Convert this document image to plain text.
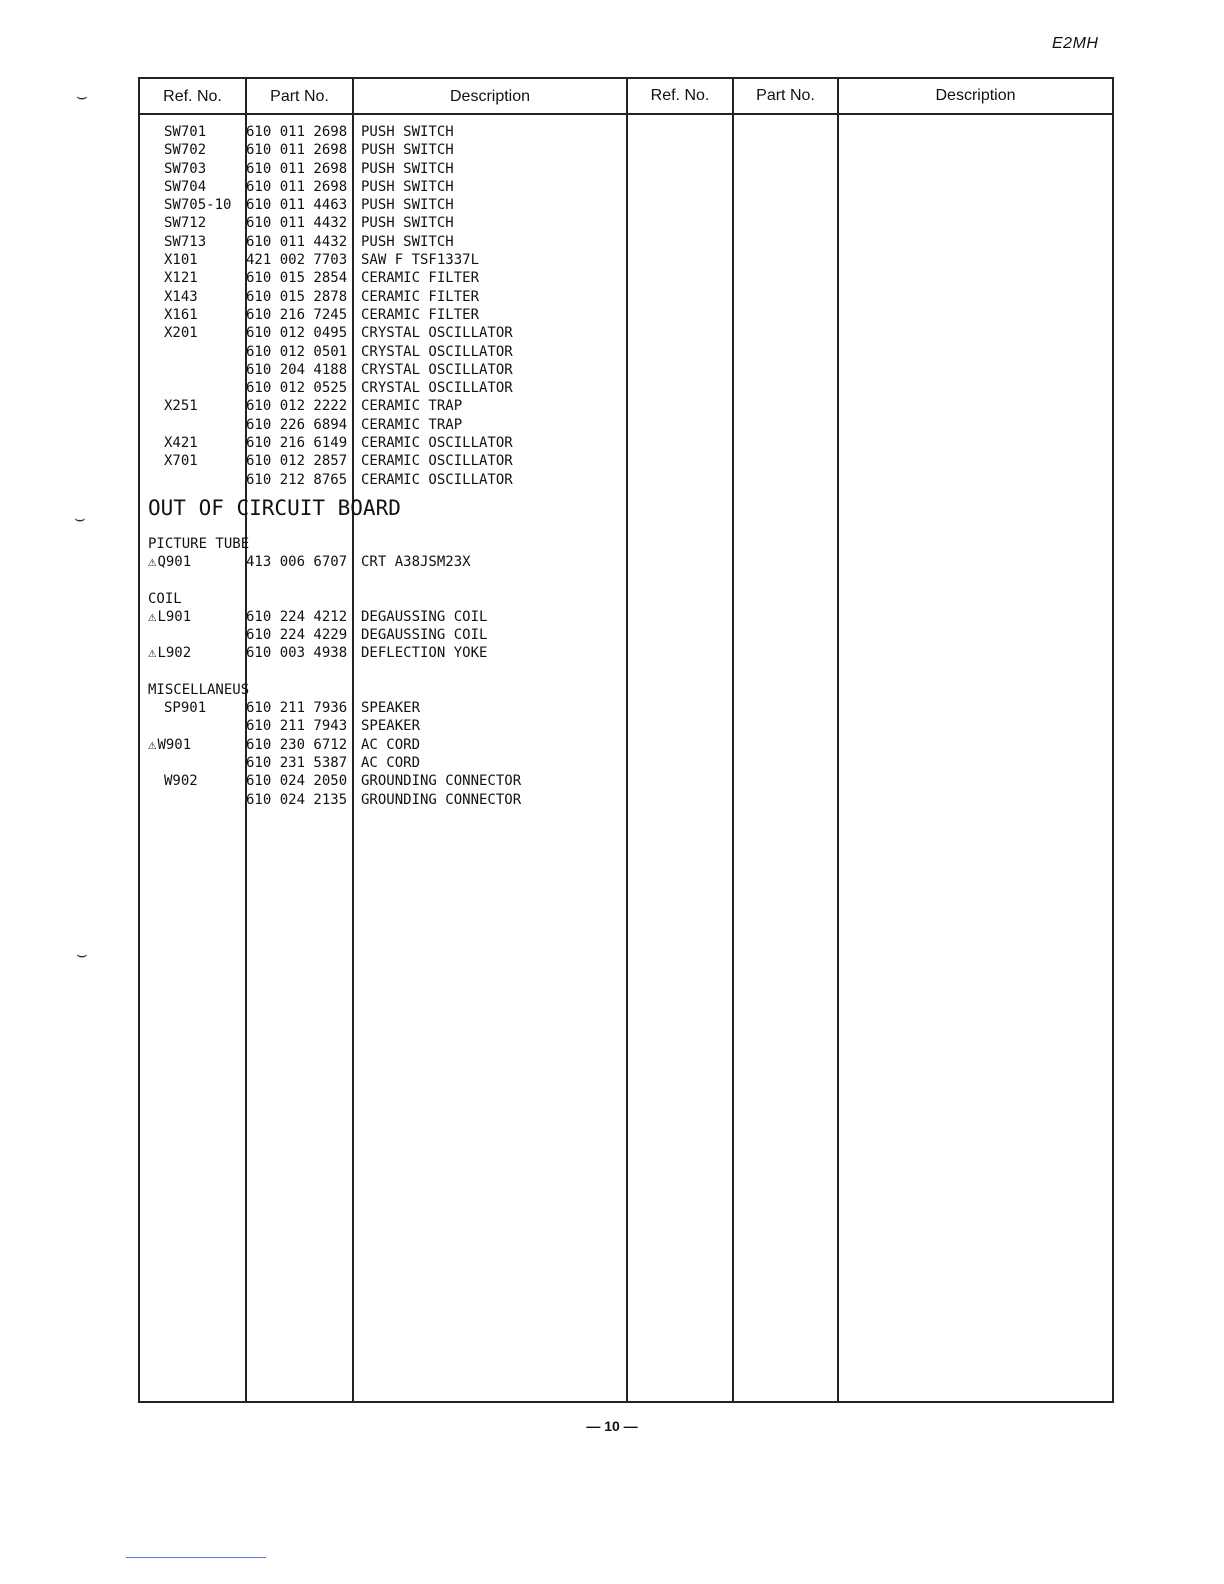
E2MH
Ref. No.	Part No.	Description	Ref. No.	Part No.	Description
SW701	610 011 2698 PUSH SWITCH
SW702	610 011 2698 PUSH SWITCH
SW703	610 011 2698 PUSH SWITCH
SW704	610 011 2698 PUSH SWITCH
SW705-10 610 011 4463 PUSH SWITCH
SW712	610 011 4432 PUSH SWITCH
SW713	610 011 4432 PUSH SWITCH
X101	421 002 7703 SAW F TSF1337L
X121	610 015 2854 CERAMIC FILTER
X143	610 015 2878 CERAMIC FILTER
X161	610 216 7245 CERAMIC FILTER
X201	610 012 0495 CRYSTAL OSCILLATOR
610 012 0501 CRYSTAL OSCILLATOR
610 204 4188 CRYSTAL OSCILLATOR
610 012 0525 CRYSTAL OSCILLATOR
X251	610 012 2222 CERAMIC TRAP
610 226 6894 CERAMIC TRAP
X421	610 216 6149 CERAMIC OSCILLATOR
X701	610 012 2857 CERAMIC OSCILLATOR
610 212 8765 CERAMIC OSCILLATOR
OUT OF CIRCUIT BOARD
PICTURE TUBE
⚠Q901	413 006 6707 CRT A38JSM23X
COIL
⚠L901	610 224 4212 DEGAUSSING COIL
610 224 4229 DEGAUSSING COIL
⚠L902	610 003 4938 DEFLECTION YOKE
MISCELLANEUS
SP901	610 211 7936 SPEAKER
610 211 7943 SPEAKER
⚠W901	610 230 6712 AC CORD
610 231 5387 AC CORD
W902	610 024 2050 GROUNDING CONNECTOR
610 024 2135 GROUNDING CONNECTOR
— 10 —
⌣
⌣
⌣
